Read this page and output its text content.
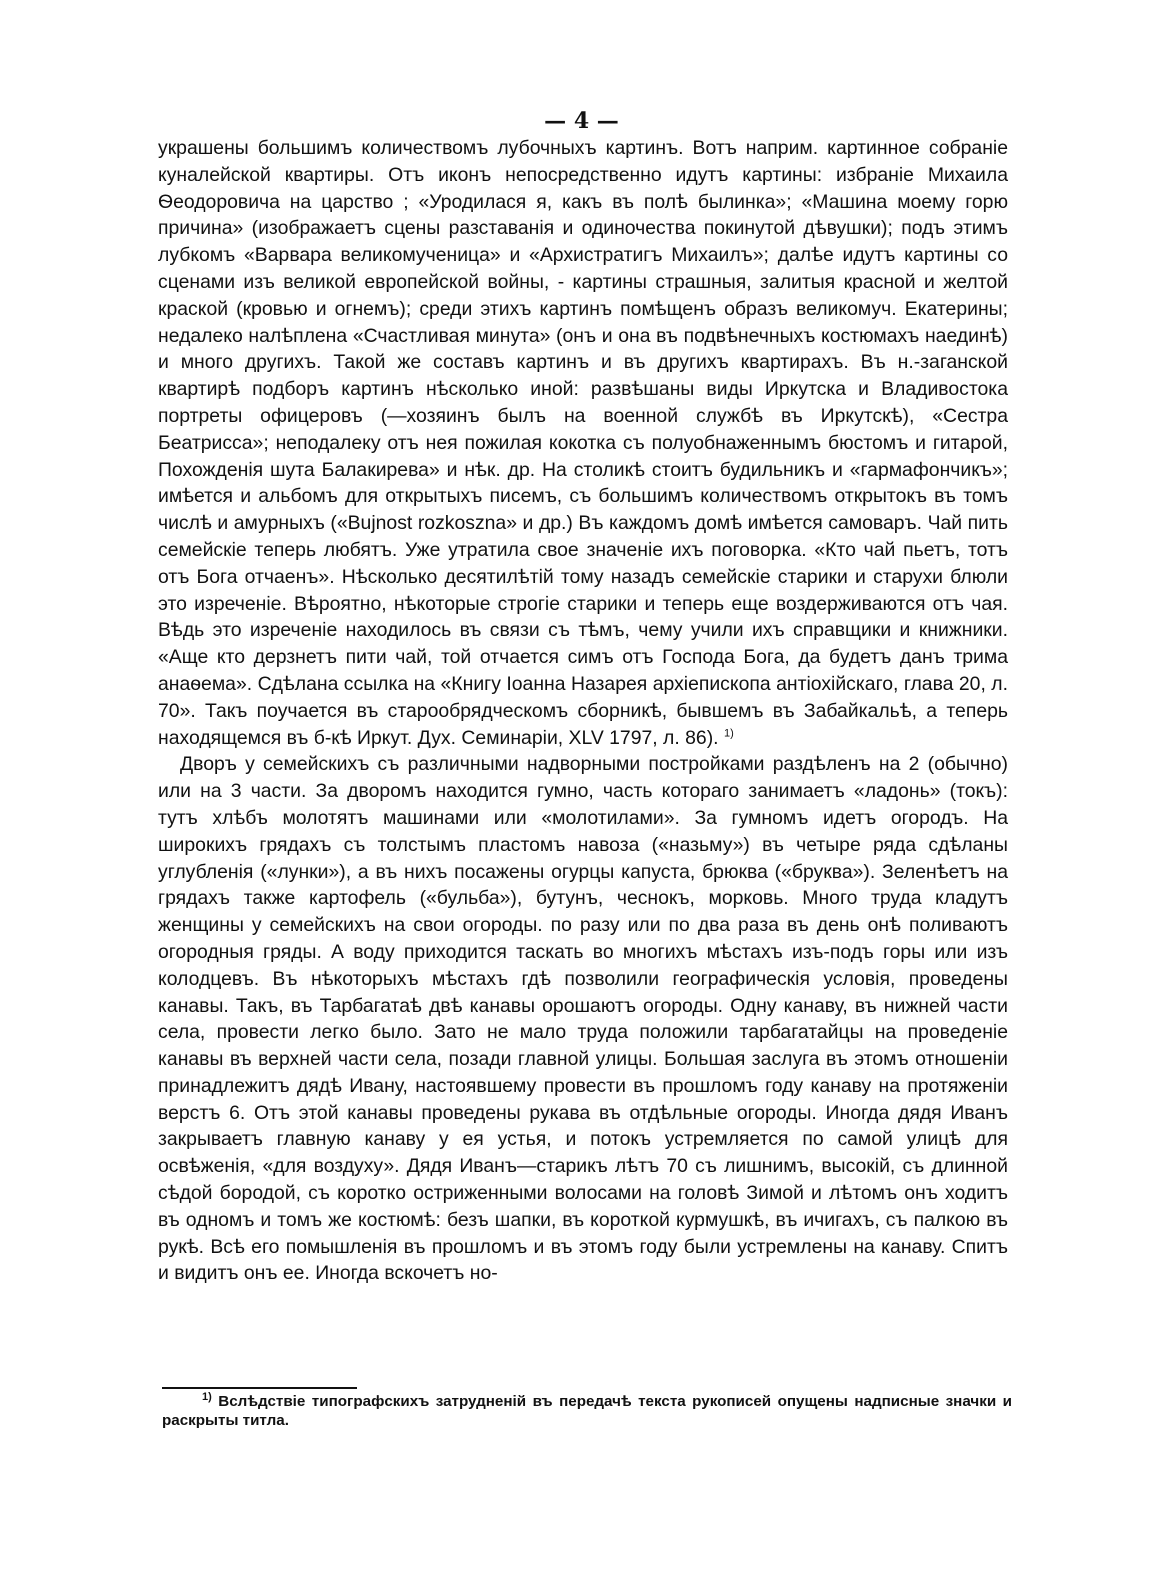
— 4 —

украшены большимъ количествомъ лубочныхъ картинъ. Вотъ наприм. картинное собраніе куналейской квартиры. Отъ иконъ непосредственно идутъ картины: избраніе Михаила Ѳеодоровича на царство ; «Уродилася я, какъ въ полѣ былинка»; «Машина моему горю причина» (изображаетъ сцены разставанія и одиночества покинутой дѣвушки); подъ этимъ лубкомъ «Варвара великомученица» и «Архистратигъ Михаилъ»; далѣе идутъ картины со сценами изъ великой европейской войны, - картины страшныя, залитыя красной и желтой краской (кровью и огнемъ); среди этихъ картинъ помѣщенъ образъ великомуч. Екатерины; недалеко налѣплена «Счастливая минута» (онъ и она въ подвѣнечныхъ костюмахъ наединѣ) и много другихъ. Такой же составъ картинъ и въ другихъ квартирахъ. Въ н.-заганской квартирѣ подборъ картинъ нѣсколько иной: развѣшаны виды Иркутска и Владивостока портреты офицеровъ (—хозяинъ былъ на военной службѣ въ Иркутскѣ), «Сестра Беатрисса»; неподалеку отъ нея пожилая кокотка съ полуобнаженнымъ бюстомъ и гитарой, Похожденія шута Балакирева» и нѣк. др. На столикѣ стоитъ будильникъ и «гармафончикъ»; имѣется и альбомъ для открытыхъ писемъ, съ большимъ количествомъ открытокъ въ томъ числѣ и амурныхъ («Bujnost rozkoszna» и др.) Въ каждомъ домѣ имѣется самоваръ. Чай пить семейскіе теперь любятъ. Уже утратила свое значеніе ихъ поговорка. «Кто чай пьетъ, тотъ отъ Бога отчаенъ». Нѣсколько десятилѣтій тому назадъ семейскіе старики и старухи блюли это изреченіе. Вѣроятно, нѣкоторые строгіе старики и теперь еще воздерживаются отъ чая. Вѣдь это изреченіе находилось въ связи съ тѣмъ, чему учили ихъ справщики и книжники. «Аще кто дерзнетъ пити чай, той отчается симъ отъ Господа Бога, да будетъ данъ трима анаѳема». Сдѣлана ссылка на «Книгу Іоанна Назарея архіепископа антіохійскаго, глава 20, л. 70». Такъ поучается въ старообрядческомъ сборникѣ, бывшемъ въ Забайкальѣ, а теперь находящемся въ б-кѣ Иркут. Дух. Семинаріи, XLV 1797, л. 86). $^{1)}$

Дворъ у семейскихъ съ различными надворными постройками раздѣленъ на 2 (обычно) или на 3 части. За дворомъ находится гумно, часть котораго занимаетъ «ладонь» (токъ): тутъ хлѣбъ молотятъ машинами или «молотилами». За гумномъ идетъ огородъ. На широкихъ грядахъ съ толстымъ пластомъ навоза («назьму») въ четыре ряда сдѣланы углубленія («лунки»), а въ нихъ посажены огурцы капуста, брюква («бруква»). Зеленѣетъ на грядахъ также картофель («бульба»), бутунъ, чеснокъ, морковь. Много труда кладутъ женщины у семейскихъ на свои огороды. по разу или по два раза въ день онѣ поливаютъ огородныя гряды. А воду приходится таскать во многихъ мѣстахъ изъ-подъ горы или изъ колодцевъ. Въ нѣкоторыхъ мѣстахъ гдѣ позволили географическія условія, проведены канавы. Такъ, въ Тарбагатаѣ двѣ канавы орошаютъ огороды. Одну канаву, въ нижней части села, провести легко было. Зато не мало труда положили тарбагатайцы на проведеніе канавы въ верхней части села, позади главной улицы. Большая заслуга въ этомъ отношеніи принадлежитъ дядѣ Ивану, настоявшему провести въ прошломъ году канаву на протяженіи верстъ 6. Отъ этой канавы проведены рукава въ отдѣльные огороды. Иногда дядя Иванъ закрываетъ главную канаву у ея устья, и потокъ устремляется по самой улицѣ для освѣженія, «для воздуху». Дядя Иванъ—старикъ лѣтъ 70 съ лишнимъ, высокій, съ длинной сѣдой бородой, съ коротко остриженными волосами на головѣ Зимой и лѣтомъ онъ ходитъ въ одномъ и томъ же костюмѣ: безъ шапки, въ короткой курмушкѣ, въ ичигахъ, съ палкою въ рукѣ. Всѣ его помышленія въ прошломъ и въ этомъ году были устремлены на канаву. Спитъ и видитъ онъ ее. Иногда вскочетъ но-

$^{1)}$ Вслѣдствіе типографскихъ затрудненій въ передачѣ текста рукописей опущены надписные значки и раскрыты титла.
